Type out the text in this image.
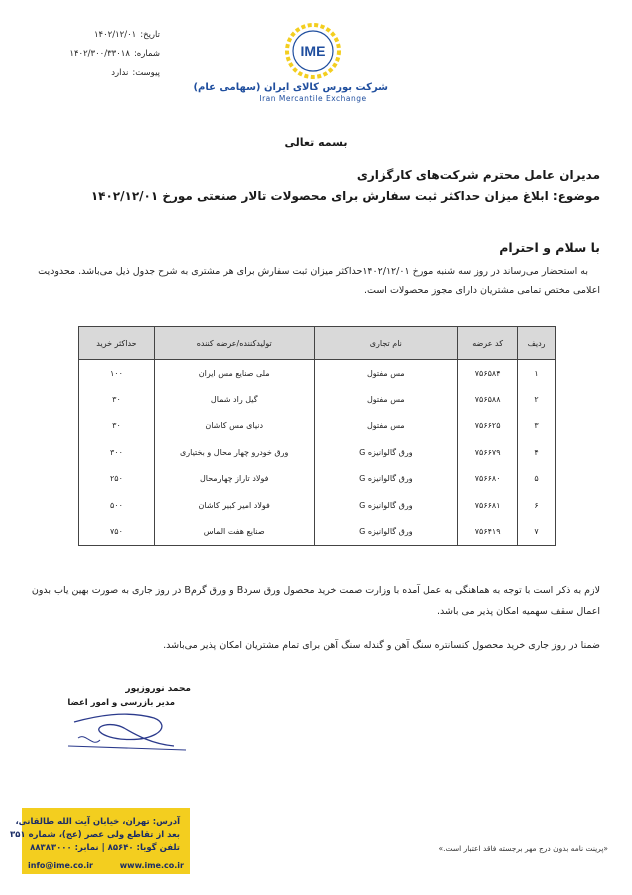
تاریخ:
۱۴۰۲/۱۲/۰۱
شماره:
۱۴۰۲/۳۰۰/۳۳۰۱۸
پیوست:
ندارد
IME
شرکت بورس کالای ایران (سهامی عام)
Iran Mercantile Exchange
بسمه تعالی
مدیران عامل محترم شرکت‌های کارگزاری
موضوع: ابلاغ میزان حداکثر ثبت سفارش برای محصولات تالار صنعتی مورخ ۱۴۰۲/۱۲/۰۱
با سلام و احترام
به استحضار می‌رساند در روز سه شنبه مورخ ۱۴۰۲/۱۲/۰۱حداکثر میزان ثبت سفارش برای هر مشتری به شرح جدول ذیل می‌باشد. محدودیت اعلامی مختص تمامی مشتریان دارای مجوز محصولات است.
ردیف	کد عرضه	نام تجاری	تولیدکننده/عرضه کننده	حداکثر خرید
۱	۷۵۶۵۸۴	مس مفتول	ملی صنایع مس ایران	۱۰۰
۲	۷۵۶۵۸۸	مس مفتول	گیل راد شمال	۳۰
۳	۷۵۶۶۲۵	مس مفتول	دنیای مس کاشان	۳۰
۴	۷۵۶۶۷۹	ورق گالوانیزه G	ورق خودرو چهار محال و بختیاری	۳۰۰
۵	۷۵۶۶۸۰	ورق گالوانیزه G	فولاد تاراز چهارمحال	۲۵۰
۶	۷۵۶۶۸۱	ورق گالوانیزه G	فولاد امیر کبیر کاشان	۵۰۰
۷	۷۵۶۴۱۹	ورق گالوانیزه G	صنایع هفت الماس	۷۵۰
لازم به ذکر است با توجه به هماهنگی به عمل آمده با وزارت صمت خرید محصول ورق سردB و ورق گرمB در روز جاری به صورت بهین یاب بدون اعمال سقف سهمیه امکان پذیر می باشد.
ضمنا در روز جاری خرید محصول کنسانتره سنگ آهن و گندله سنگ آهن برای تمام مشتریان امکان پذیر می‌باشد.
محمد نوروزپور
مدیر بازرسی و امور اعضا
آدرس: تهران، خیابان آیت الله طالقانی،
بعد از تقاطع ولی عصر (عج)، شماره ۳۵۱
تلفن گویا: ۸۵۶۴۰ | نمابر: ۸۸۳۸۳۰۰۰
info@ime.co.ir	www.ime.co.ir
«پرینت نامه بدون درج مهر برجسته فاقد اعتبار است.»
